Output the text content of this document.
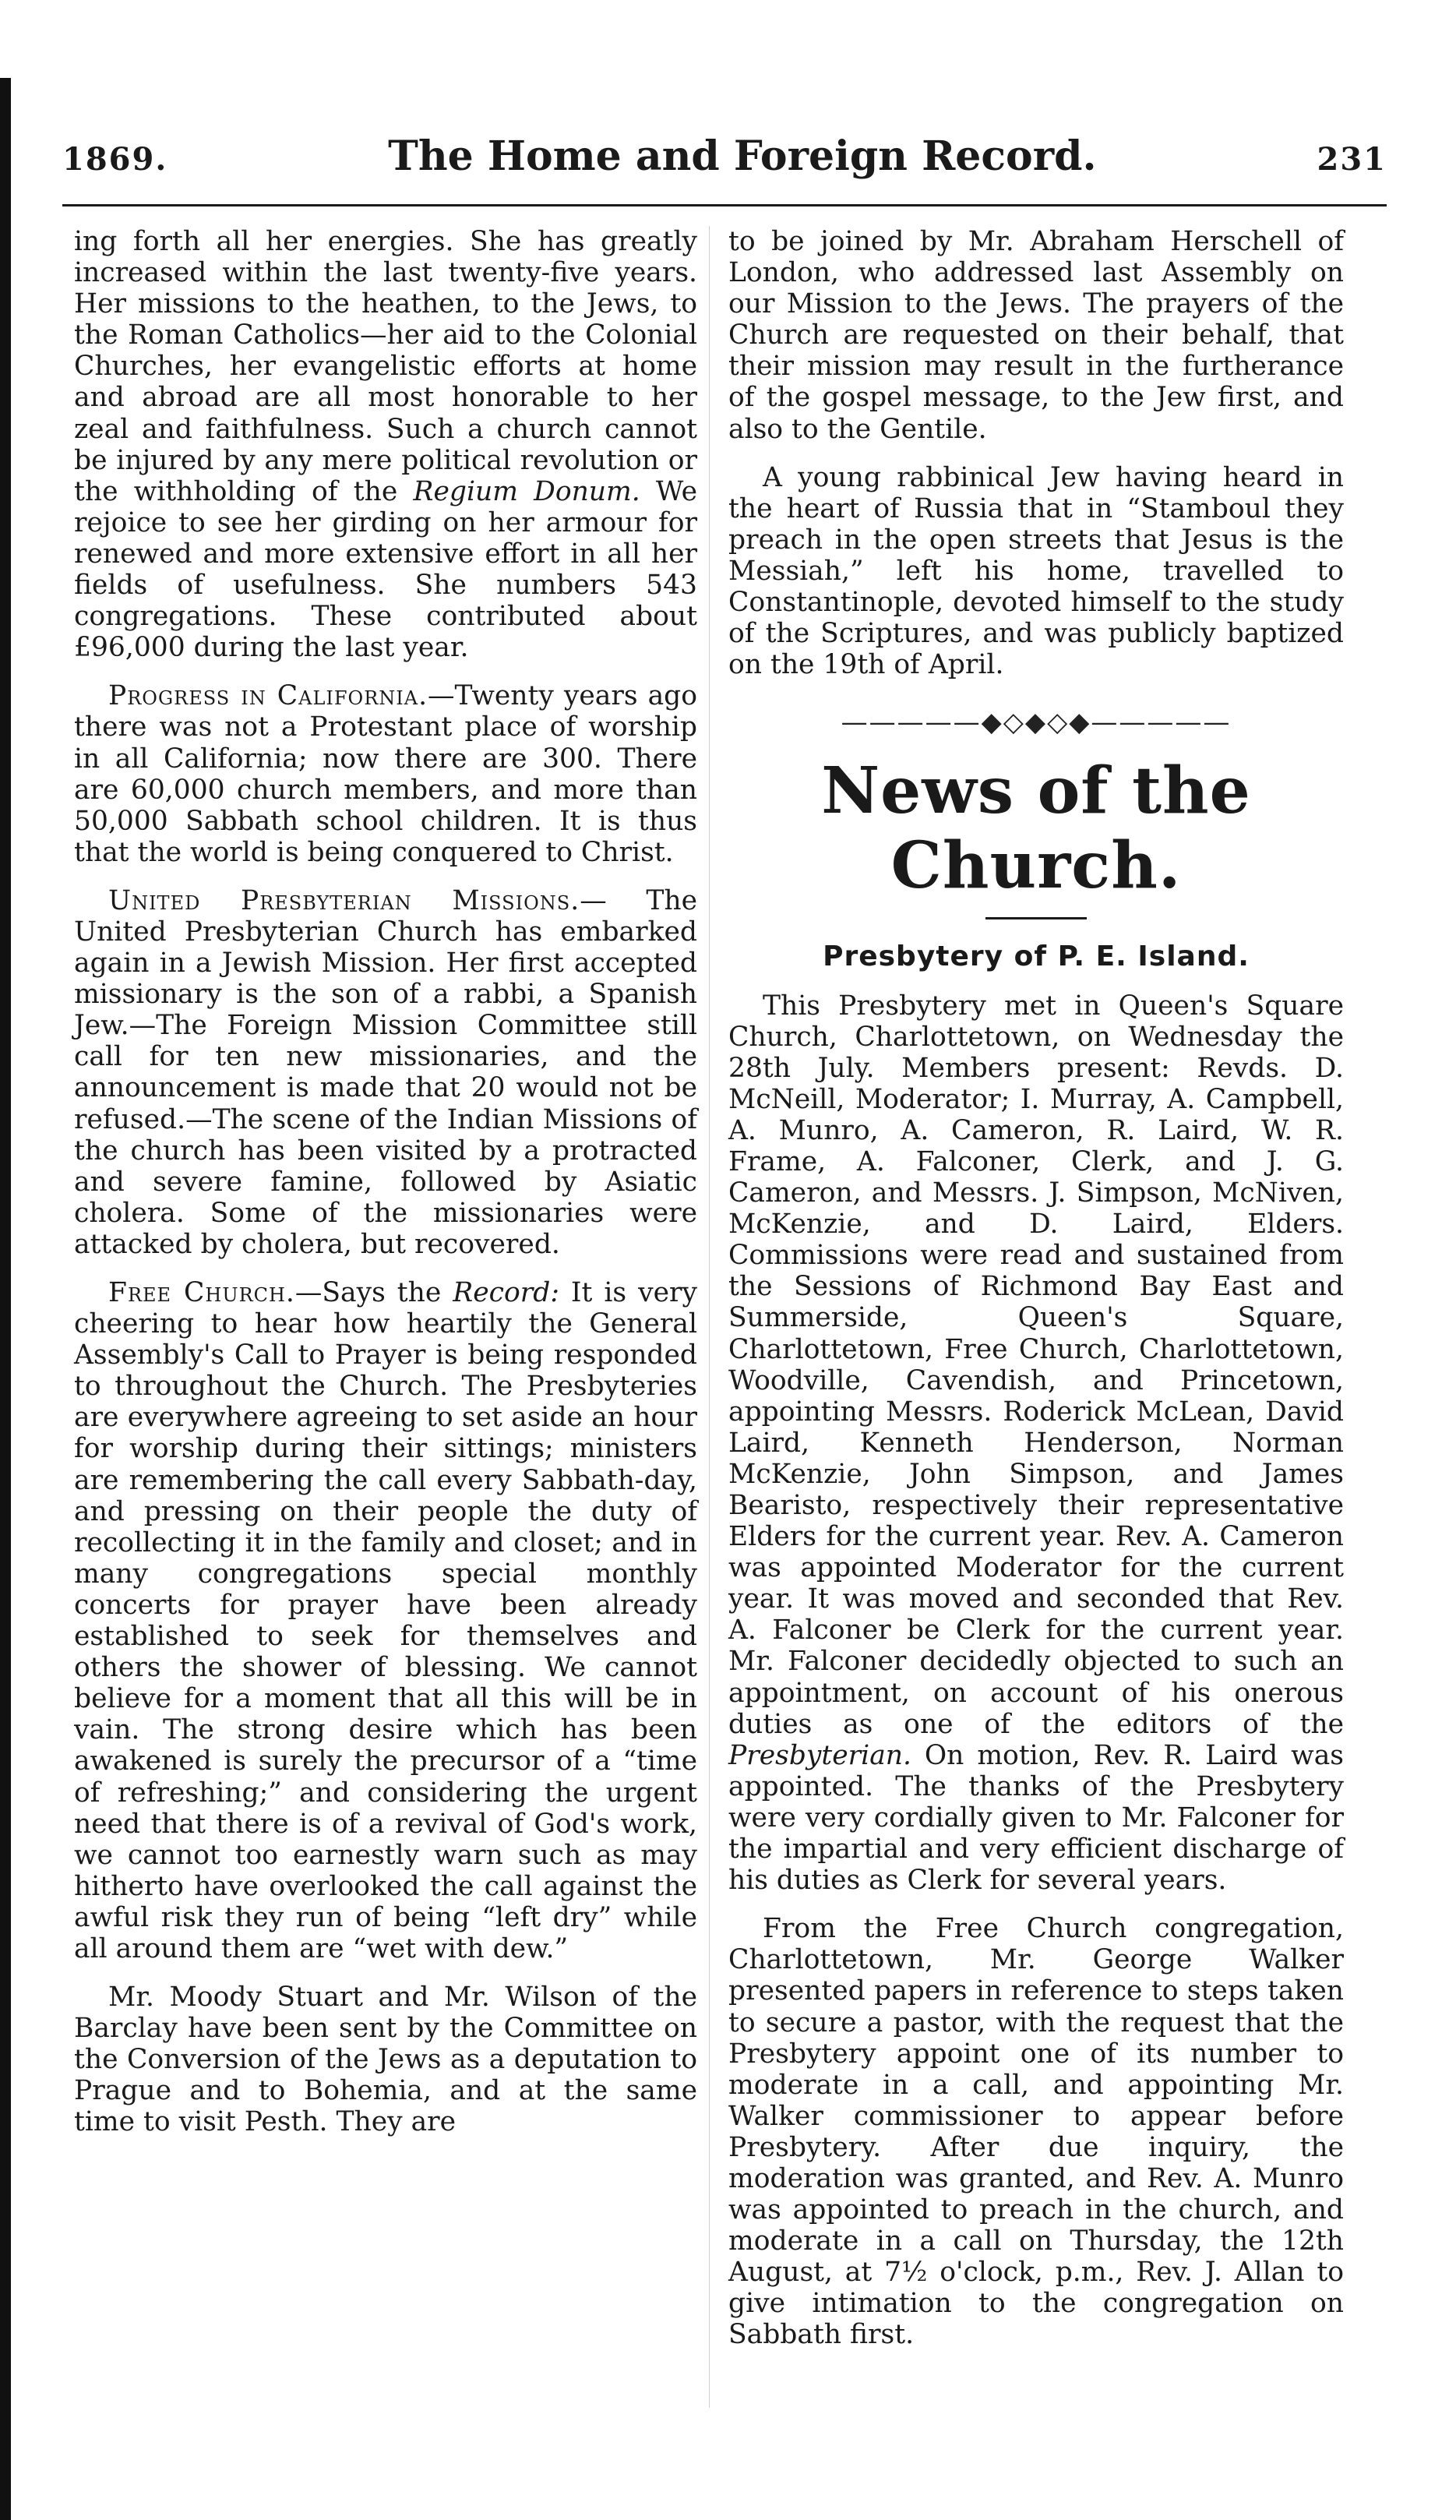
1869.	The Home and Foreign Record.	231

ing forth all her energies. She has greatly increased within the last twenty-five years. Her missions to the heathen, to the Jews, to the Roman Catholics—her aid to the Colonial Churches, her evangelistic efforts at home and abroad are all most honorable to her zeal and faithfulness. Such a church cannot be injured by any mere political revolution or the withholding of the Regium Donum. We rejoice to see her girding on her armour for renewed and more extensive effort in all her fields of usefulness. She numbers 543 congregations. These contributed about £96,000 during the last year.

Progress in California.—Twenty years ago there was not a Protestant place of worship in all California; now there are 300. There are 60,000 church members, and more than 50,000 Sabbath school children. It is thus that the world is being conquered to Christ.

United Presbyterian Missions.— The United Presbyterian Church has embarked again in a Jewish Mission. Her first accepted missionary is the son of a rabbi, a Spanish Jew.—The Foreign Mission Committee still call for ten new missionaries, and the announcement is made that 20 would not be refused.—The scene of the Indian Missions of the church has been visited by a protracted and severe famine, followed by Asiatic cholera. Some of the missionaries were attacked by cholera, but recovered.

Free Church.—Says the Record: It is very cheering to hear how heartily the General Assembly's Call to Prayer is being responded to throughout the Church. The Presbyteries are everywhere agreeing to set aside an hour for worship during their sittings; ministers are remembering the call every Sabbath-day, and pressing on their people the duty of recollecting it in the family and closet; and in many congregations special monthly concerts for prayer have been already established to seek for themselves and others the shower of blessing. We cannot believe for a moment that all this will be in vain. The strong desire which has been awakened is surely the precursor of a “time of refreshing;” and considering the urgent need that there is of a revival of God's work, we cannot too earnestly warn such as may hitherto have overlooked the call against the awful risk they run of being “left dry” while all around them are “wet with dew.”

Mr. Moody Stuart and Mr. Wilson of the Barclay have been sent by the Committee on the Conversion of the Jews as a deputation to Prague and to Bohemia, and at the same time to visit Pesth. They are

to be joined by Mr. Abraham Herschell of London, who addressed last Assembly on our Mission to the Jews. The prayers of the Church are requested on their behalf, that their mission may result in the furtherance of the gospel message, to the Jew first, and also to the Gentile.

A young rabbinical Jew having heard in the heart of Russia that in “Stamboul they preach in the open streets that Jesus is the Messiah,” left his home, travelled to Constantinople, devoted himself to the study of the Scriptures, and was publicly baptized on the 19th of April.

—————◆◇◆◇◆—————
News of the Church.
Presbytery of P. E. Island.

This Presbytery met in Queen's Square Church, Charlottetown, on Wednesday the 28th July. Members present: Revds. D. McNeill, Moderator; I. Murray, A. Campbell, A. Munro, A. Cameron, R. Laird, W. R. Frame, A. Falconer, Clerk, and J. G. Cameron, and Messrs. J. Simpson, McNiven, McKenzie, and D. Laird, Elders. Commissions were read and sustained from the Sessions of Richmond Bay East and Summerside, Queen's Square, Charlottetown, Free Church, Charlottetown, Woodville, Cavendish, and Princetown, appointing Messrs. Roderick McLean, David Laird, Kenneth Henderson, Norman McKenzie, John Simpson, and James Bearisto, respectively their representative Elders for the current year. Rev. A. Cameron was appointed Moderator for the current year. It was moved and seconded that Rev. A. Falconer be Clerk for the current year. Mr. Falconer decidedly objected to such an appointment, on account of his onerous duties as one of the editors of the Presbyterian. On motion, Rev. R. Laird was appointed. The thanks of the Presbytery were very cordially given to Mr. Falconer for the impartial and very efficient discharge of his duties as Clerk for several years.

From the Free Church congregation, Charlottetown, Mr. George Walker presented papers in reference to steps taken to secure a pastor, with the request that the Presbytery appoint one of its number to moderate in a call, and appointing Mr. Walker commissioner to appear before Presbytery. After due inquiry, the moderation was granted, and Rev. A. Munro was appointed to preach in the church, and moderate in a call on Thursday, the 12th August, at 7½ o'clock, p.m., Rev. J. Allan to give intimation to the congregation on Sabbath first.
